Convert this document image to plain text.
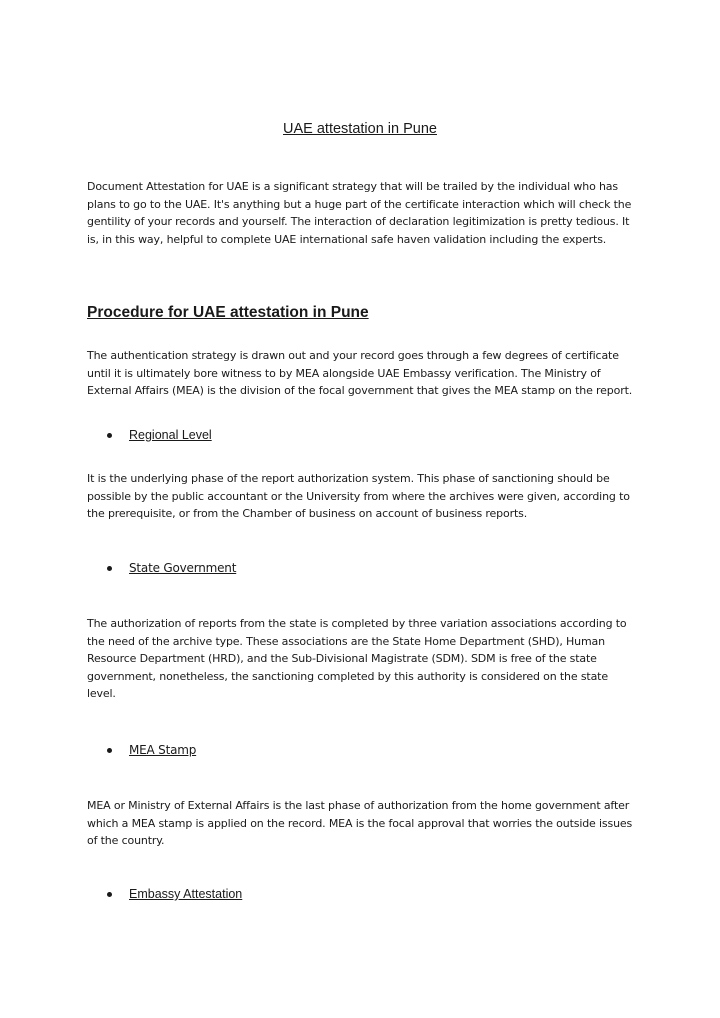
UAE attestation in Pune

Document Attestation for UAE is a significant strategy that will be trailed by the individual who has plans to go to the UAE. It's anything but a huge part of the certificate interaction which will check the gentility of your records and yourself. The interaction of declaration legitimization is pretty tedious. It is, in this way, helpful to complete UAE international safe haven validation including the experts.

Procedure for UAE attestation in Pune

The authentication strategy is drawn out and your record goes through a few degrees of certificate until it is ultimately bore witness to by MEA alongside UAE Embassy verification. The Ministry of External Affairs (MEA) is the division of the focal government that gives the MEA stamp on the report.

Regional Level

It is the underlying phase of the report authorization system. This phase of sanctioning should be possible by the public accountant or the University from where the archives were given, according to the prerequisite, or from the Chamber of business on account of business reports.

State Government

The authorization of reports from the state is completed by three variation associations according to the need of the archive type. These associations are the State Home Department (SHD), Human Resource Department (HRD), and the Sub-Divisional Magistrate (SDM). SDM is free of the state government, nonetheless, the sanctioning completed by this authority is considered on the state level.

MEA Stamp

MEA or Ministry of External Affairs is the last phase of authorization from the home government after which a MEA stamp is applied on the record. MEA is the focal approval that worries the outside issues of the country.

Embassy Attestation
